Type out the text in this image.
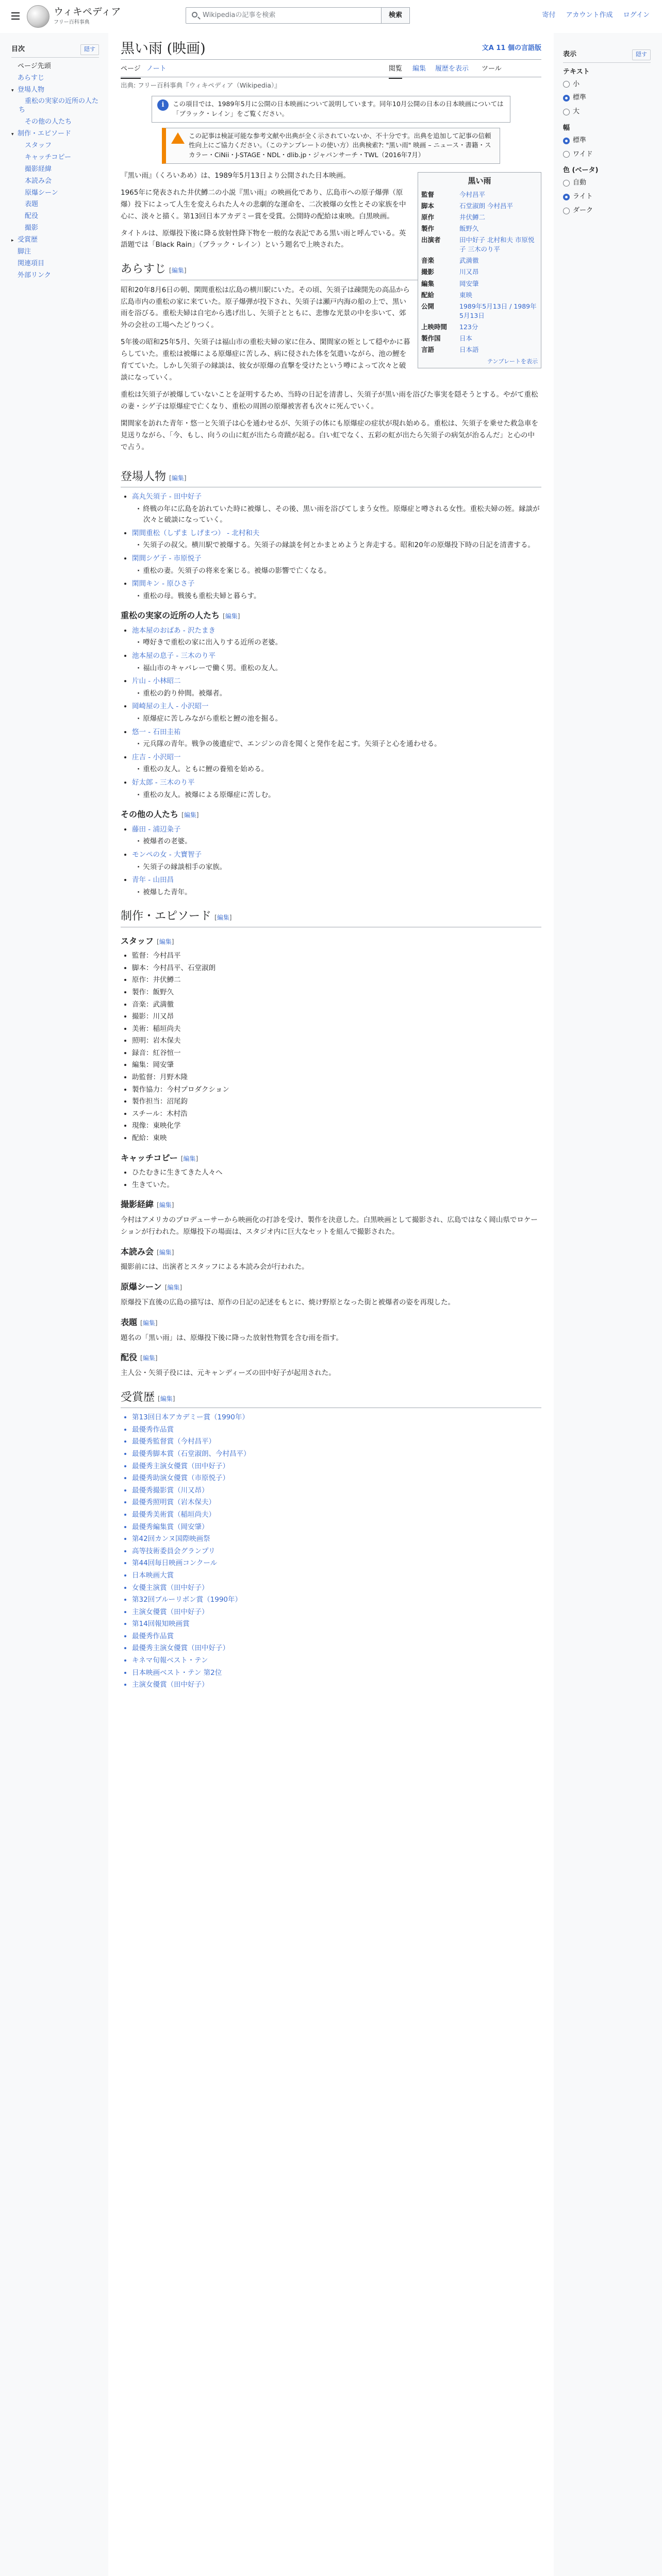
ウィキペディア
フリー百科事典
Wikipediaの記事を検索	検索	寄付 アカウント作成 ログイン
目次	隠す
ページ先頭
あらすじ
▾ 登場人物
重松の実家の近所の人たち
その他の人たち
▾ 制作・エピソード
スタッフ
キャッチコピー
撮影経緯
本読み会
原爆シーン
表題
配役
撮影
▸ 受賞歴
脚注
関連項目
外部リンク
表示	隠す
テキスト
小
標準
大
幅
標準
ワイド
色 (ベータ)
自動
ライト
ダーク
黒い雨 (映画)	文A 11 個の言語版
ページ ノート	閲覧 編集 履歴を表示 ツール
出典: フリー百科事典『ウィキペディア（Wikipedia）』
i	この項目では、1989年5月に公開の日本映画について説明しています。同年10月公開の日本の日本映画については「ブラック・レイン」をご覧ください。
この記事は検証可能な参考文献や出典が全く示されていないか、不十分です。出典を追加して記事の信頼性向上にご協力ください。（このテンプレートの使い方）出典検索?: "黒い雨" 映画 – ニュース・書籍・スカラー・CiNii・J-STAGE・NDL・dlib.jp・ジャパンサーチ・TWL（2016年7月）
黒い雨
監督	今村昌平
脚本	石堂淑朗 今村昌平
原作	井伏鱒二
製作	飯野久
出演者	田中好子 北村和夫 市原悦子 三木のり平
音楽	武満徹
撮影	川又昂
編集	岡安肇
配給	東映
公開	1989年5月13日 / 1989年5月13日
上映時間	123分
製作国	日本
言語	日本語
テンプレートを表示

『黒い雨』（くろいあめ）は、1989年5月13日より公開された日本映画。

1965年に発表された井伏鱒二の小説『黒い雨』の映画化であり、広島市への原子爆弾（原爆）投下によって人生を変えられた人々の悲劇的な運命を、二次被爆の女性とその家族を中心に、淡々と描く。第13回日本アカデミー賞を受賞。公開時の配給は東映。白黒映画。

タイトルは、原爆投下後に降る放射性降下物を一般的な表記である黒い雨と呼んでいる。英語題では「Black Rain」（ブラック・レイン）という題名で上映された。

あらすじ [編集]

昭和20年8月6日の朝、閑間重松は広島の横川駅にいた。その頃、矢須子は疎開先の高品から広島市内の重松の家に来ていた。原子爆弾が投下され、矢須子は瀬戸内海の船の上で、黒い雨を浴びる。重松夫婦は自宅から逃げ出し、矢須子とともに、悲惨な光景の中を歩いて、郊外の会社の工場へたどりつく。

5年後の昭和25年5月、矢須子は福山市の重松夫婦の家に住み、閑間家の姪として穏やかに暮らしていた。重松は被爆による原爆症に苦しみ、病に侵された体を気遣いながら、池の鯉を育てていた。しかし矢須子の縁談は、彼女が原爆の直撃を受けたという噂によって次々と破談になっていく。

重松は矢須子が被爆していないことを証明するため、当時の日記を清書し、矢須子が黒い雨を浴びた事実を隠そうとする。やがて重松の妻・シゲ子は原爆症で亡くなり、重松の周囲の原爆被害者も次々に死んでいく。

閑間家を訪れた青年・悠一と矢須子は心を通わせるが、矢須子の体にも原爆症の症状が現れ始める。重松は、矢須子を乗せた救急車を見送りながら、「今、もし、向うの山に虹が出たら奇蹟が起る。白い虹でなく、五彩の虹が出たら矢須子の病気が治るんだ」と心の中で占う。

登場人物 [編集]
• 高丸矢須子 - 田中好子
· 終戦の年に広島を訪れていた時に被爆し、その後、黒い雨を浴びてしまう女性。原爆症と噂される女性。重松夫婦の姪。縁談が次々と破談になっていく。
• 閑間重松（しずま しげまつ） - 北村和夫
· 矢須子の叔父。横川駅で被爆する。矢須子の縁談を何とかまとめようと奔走する。昭和20年の原爆投下時の日記を清書する。
• 閑間シゲ子 - 市原悦子
· 重松の妻。矢須子の将来を案じる。被爆の影響で亡くなる。
• 閑間キン - 原ひさ子
· 重松の母。戦後も重松夫婦と暮らす。
重松の実家の近所の人たち [編集]
• 池本屋のおばあ - 沢たまき
· 噂好きで重松の家に出入りする近所の老婆。
• 池本屋の息子 - 三木のり平
· 福山市のキャバレーで働く男。重松の友人。
• 片山 - 小林昭二
· 重松の釣り仲間。被爆者。
• 岡崎屋の主人 - 小沢昭一
· 原爆症に苦しみながら重松と鯉の池を掘る。
• 悠一 - 石田圭祐
· 元兵隊の青年。戦争の後遺症で、エンジンの音を聞くと発作を起こす。矢須子と心を通わせる。
• 庄吉 - 小沢昭一
· 重松の友人。ともに鯉の養殖を始める。
• 好太郎 - 三木のり平
· 重松の友人。被爆による原爆症に苦しむ。
その他の人たち [編集]
• 藤田 - 浦辺粂子
· 被爆者の老婆。
• モンペの女 - 大寶智子
· 矢須子の縁談相手の家族。
• 青年 - 山田昌
· 被爆した青年。
制作・エピソード [編集]
スタッフ [編集]
• 監督：今村昌平
• 脚本：今村昌平、石堂淑朗
• 原作：井伏鱒二
• 製作：飯野久
• 音楽：武満徹
• 撮影：川又昂
• 美術：稲垣尚夫
• 照明：岩木保夫
• 録音：紅谷愃一
• 編集：岡安肇
• 助監督：月野木隆
• 製作協力：今村プロダクション
• 製作担当：沼尾鈞
• スチール：木村浩
• 現像：東映化学
• 配給：東映
キャッチコピー [編集]
• ひたむきに生きてきた人々へ
• 生きていた。
撮影経緯 [編集]

今村はアメリカのプロデューサーから映画化の打診を受け、製作を決意した。白黒映画として撮影され、広島ではなく岡山県でロケーションが行われた。原爆投下の場面は、スタジオ内に巨大なセットを組んで撮影された。

本読み会 [編集]

撮影前には、出演者とスタッフによる本読み会が行われた。

原爆シーン [編集]

原爆投下直後の広島の描写は、原作の日記の記述をもとに、焼け野原となった街と被爆者の姿を再現した。

表題 [編集]

題名の「黒い雨」は、原爆投下後に降った放射性物質を含む雨を指す。

配役 [編集]

主人公・矢須子役には、元キャンディーズの田中好子が起用された。

受賞歴 [編集]
• 第13回日本アカデミー賞（1990年）
• 最優秀作品賞
• 最優秀監督賞（今村昌平）
• 最優秀脚本賞（石堂淑朗、今村昌平）
• 最優秀主演女優賞（田中好子）
• 最優秀助演女優賞（市原悦子）
• 最優秀撮影賞（川又昂）
• 最優秀照明賞（岩木保夫）
• 最優秀美術賞（稲垣尚夫）
• 最優秀編集賞（岡安肇）
• 第42回カンヌ国際映画祭
• 高等技術委員会グランプリ
• 第44回毎日映画コンクール
• 日本映画大賞
• 女優主演賞（田中好子）
• 第32回ブルーリボン賞（1990年）
• 主演女優賞（田中好子）
• 第14回報知映画賞
• 最優秀作品賞
• 最優秀主演女優賞（田中好子）
• キネマ旬報ベスト・テン
• 日本映画ベスト・テン 第2位
• 主演女優賞（田中好子）
